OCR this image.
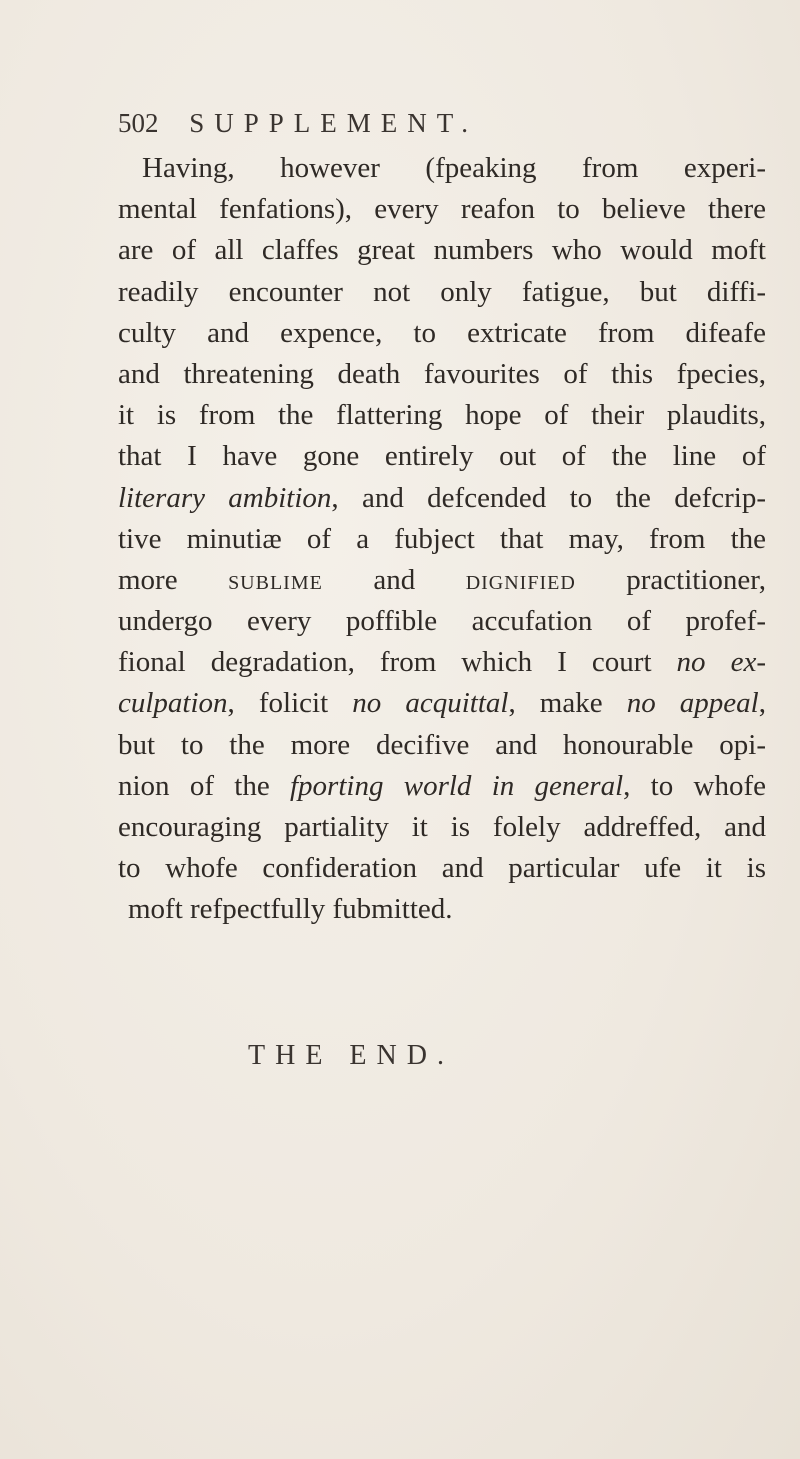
502 SUPPLEMENT.
Having, however (fpeaking from experi-
mental fenfations), every reafon to believe there
are of all claffes great numbers who would moft
readily encounter not only fatigue, but diffi-
culty and expence, to extricate from difeafe
and threatening death favourites of this fpecies,
it is from the flattering hope of their plaudits,
that I have gone entirely out of the line of
literary ambition, and defcended to the defcrip-
tive minutiæ of a fubject that may, from the
more sublime and dignified practitioner,
undergo every poffible accufation of profef-
fional degradation, from which I court no ex-
culpation, folicit no acquittal, make no appeal,
but to the more decifive and honourable opi-
nion of the fporting world in general, to whofe
encouraging partiality it is folely addreffed, and
to whofe confideration and particular ufe it is
moft refpectfully fubmitted.
THE END.
